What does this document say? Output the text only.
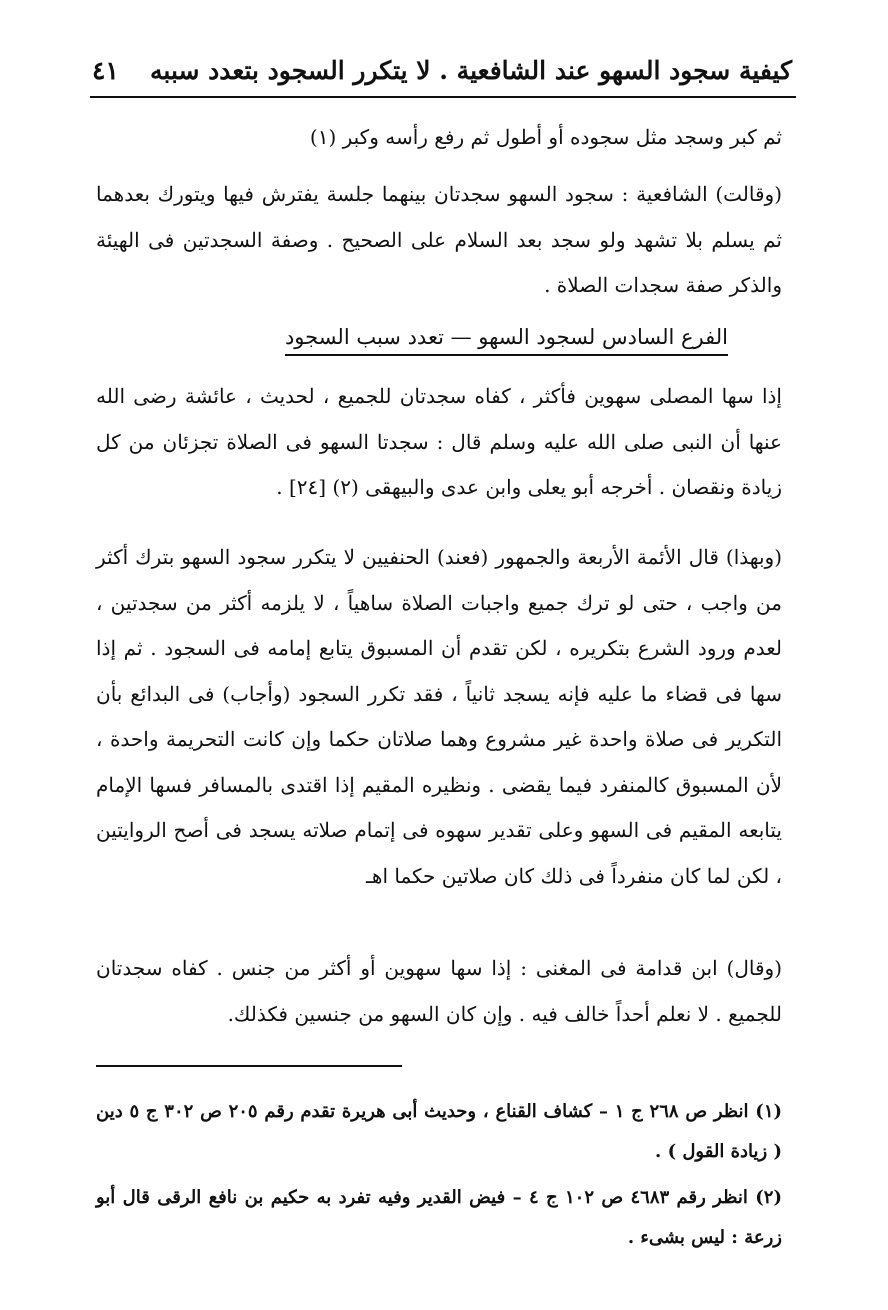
كيفية سجود السهو عند الشافعية . لا يتكرر السجود بتعدد سببه
٤١
ثم كبر وسجد مثل سجوده أو أطول ثم رفع رأسه وكبر (١)
(وقالت) الشافعية : سجود السهو سجدتان بينهما جلسة يفترش فيها ويتورك بعدهما ثم يسلم بلا تشهد ولو سجد بعد السلام على الصحيح . وصفة السجدتين فى الهيئة والذكر صفة سجدات الصلاة .
الفرع السادس لسجود السهو — تعدد سبب السجود
إذا سها المصلى سهوين فأكثر ، كفاه سجدتان للجميع ، لحديث ، عائشة رضى الله عنها أن النبى صلى الله عليه وسلم قال : سجدتا السهو فى الصلاة تجزئان من كل زيادة ونقصان . أخرجه أبو يعلى وابن عدى والبيهقى (٢) [٢٤] .
(وبهذا) قال الأئمة الأربعة والجمهور (فعند) الحنفيين لا يتكرر سجود السهو بترك أكثر من واجب ، حتى لو ترك جميع واجبات الصلاة ساهياً ، لا يلزمه أكثر من سجدتين ، لعدم ورود الشرع بتكريره ، لكن تقدم أن المسبوق يتابع إمامه فى السجود . ثم إذا سها فى قضاء ما عليه فإنه يسجد ثانياً ، فقد تكرر السجود (وأجاب) فى البدائع بأن التكرير فى صلاة واحدة غير مشروع وهما صلاتان حكما وإن كانت التحريمة واحدة ، لأن المسبوق كالمنفرد فيما يقضى . ونظيره المقيم إذا اقتدى بالمسافر فسها الإمام يتابعه المقيم فى السهو وعلى تقدير سهوه فى إتمام صلاته يسجد فى أصح الروايتين ، لكن لما كان منفرداً فى ذلك كان صلاتين حكما اهـ
(وقال) ابن قدامة فى المغنى : إذا سها سهوين أو أكثر من جنس . كفاه سجدتان للجميع . لا نعلم أحداً خالف فيه . وإن كان السهو من جنسين فكذلك.
(١) انظر ص ٢٦٨ ج ١ – كشاف القناع ، وحديث أبى هريرة تقدم رقم ٢٠٥ ص ٣٠٢ ج ٥ دين ( زيادة القول ) .
(٢) انظر رقم ٤٦٨٣ ص ١٠٢ ج ٤ – فيض القدير وفيه تفرد به حكيم بن نافع الرقى قال أبو زرعة : ليس بشىء .
